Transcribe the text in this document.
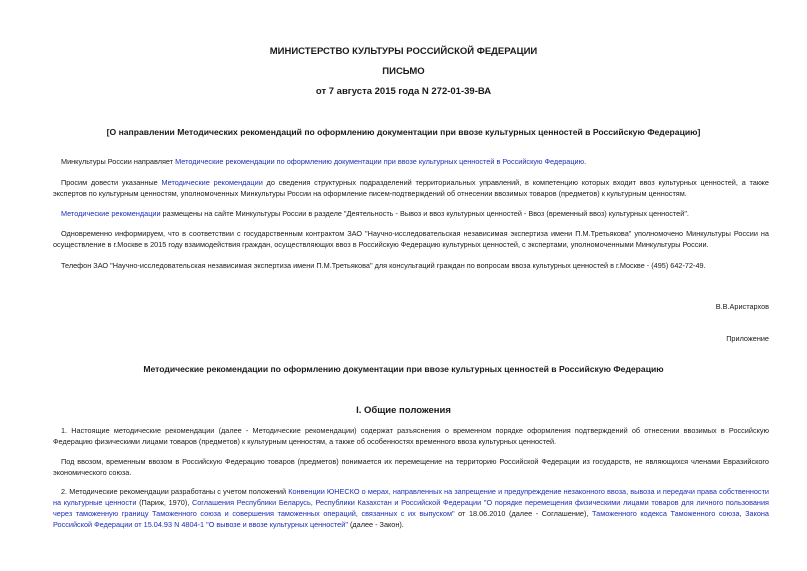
МИНИСТЕРСТВО КУЛЬТУРЫ РОССИЙСКОЙ ФЕДЕРАЦИИ
ПИСЬМО
от 7 августа 2015 года N 272-01-39-ВА
[О направлении Методических рекомендаций по оформлению документации при ввозе культурных ценностей в Российскую Федерацию]
Минкультуры России направляет Методические рекомендации по оформлению документации при ввозе культурных ценностей в Российскую Федерацию.
Просим довести указанные Методические рекомендации до сведения структурных подразделений территориальных управлений, в компетенцию которых входит ввоз культурных ценностей, а также экспертов по культурным ценностям, уполномоченных Минкультуры России на оформление писем-подтверждений об отнесении ввозимых товаров (предметов) к культурным ценностям.
Методические рекомендации размещены на сайте Минкультуры России в разделе "Деятельность - Вывоз и ввоз культурных ценностей - Ввоз (временный ввоз) культурных ценностей".
Одновременно информируем, что в соответствии с государственным контрактом ЗАО "Научно-исследовательская независимая экспертиза имени П.М.Третьякова" уполномочено Минкультуры России на осуществление в г.Москве в 2015 году взаимодействия граждан, осуществляющих ввоз в Российскую Федерацию культурных ценностей, с экспертами, уполномоченными Минкультуры России.
Телефон ЗАО "Научно-исследовательская независимая экспертиза имени П.М.Третьякова" для консультаций граждан по вопросам ввоза культурных ценностей в г.Москве - (495) 642-72-49.
В.В.Аристархов
Приложение
Методические рекомендации по оформлению документации при ввозе культурных ценностей в Российскую Федерацию
I. Общие положения
1. Настоящие методические рекомендации (далее - Методические рекомендации) содержат разъяснения о временном порядке оформления подтверждений об отнесении ввозимых в Российскую Федерацию физическими лицами товаров (предметов) к культурным ценностям, а также об особенностях временного ввоза культурных ценностей.
Под ввозом, временным ввозом в Российскую Федерацию товаров (предметов) понимается их перемещение на территорию Российской Федерации из государств, не являющихся членами Евразийского экономического союза.
2. Методические рекомендации разработаны с учетом положений Конвенции ЮНЕСКО о мерах, направленных на запрещение и предупреждение незаконного ввоза, вывоза и передачи права собственности на культурные ценности (Париж, 1970), Соглашения Республики Беларусь, Республики Казахстан и Российской Федерации "О порядке перемещения физическими лицами товаров для личного пользования через таможенную границу Таможенного союза и совершения таможенных операций, связанных с их выпуском" от 18.06.2010 (далее - Соглашение), Таможенного кодекса Таможенного союза, Закона Российской Федерации от 15.04.93 N 4804-1 "О вывозе и ввозе культурных ценностей" (далее - Закон).
